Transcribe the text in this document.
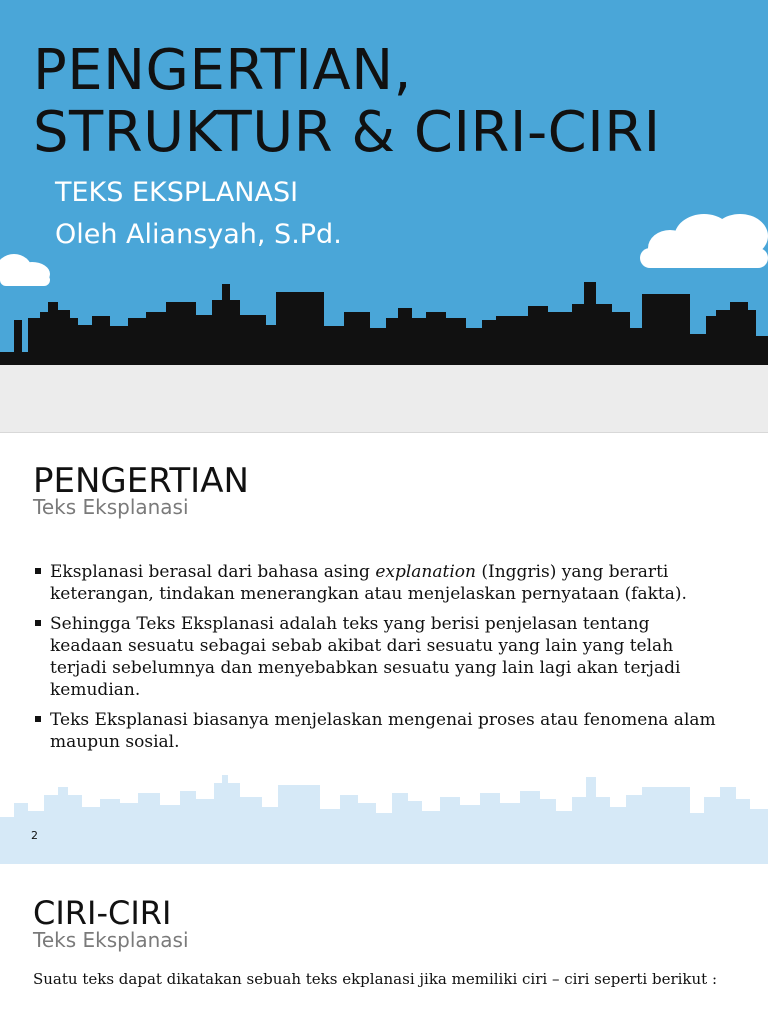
PENGERTIAN,
STRUKTUR & CIRI-CIRI
TEKS EKSPLANASI
Oleh Aliansyah, S.Pd.
PENGERTIAN
Teks Eksplanasi
Eksplanasi berasal dari bahasa asing explanation (Inggris) yang berarti keterangan, tindakan menerangkan atau menjelaskan pernyataan (fakta).
Sehingga Teks Eksplanasi adalah teks yang berisi penjelasan tentang keadaan sesuatu sebagai sebab akibat dari sesuatu yang lain yang telah terjadi sebelumnya dan menyebabkan sesuatu yang lain lagi akan terjadi kemudian.
Teks Eksplanasi biasanya menjelaskan mengenai proses atau fenomena alam maupun sosial.
2
CIRI-CIRI
Teks Eksplanasi
Suatu teks dapat dikatakan sebuah teks ekplanasi jika memiliki ciri – ciri seperti berikut :
